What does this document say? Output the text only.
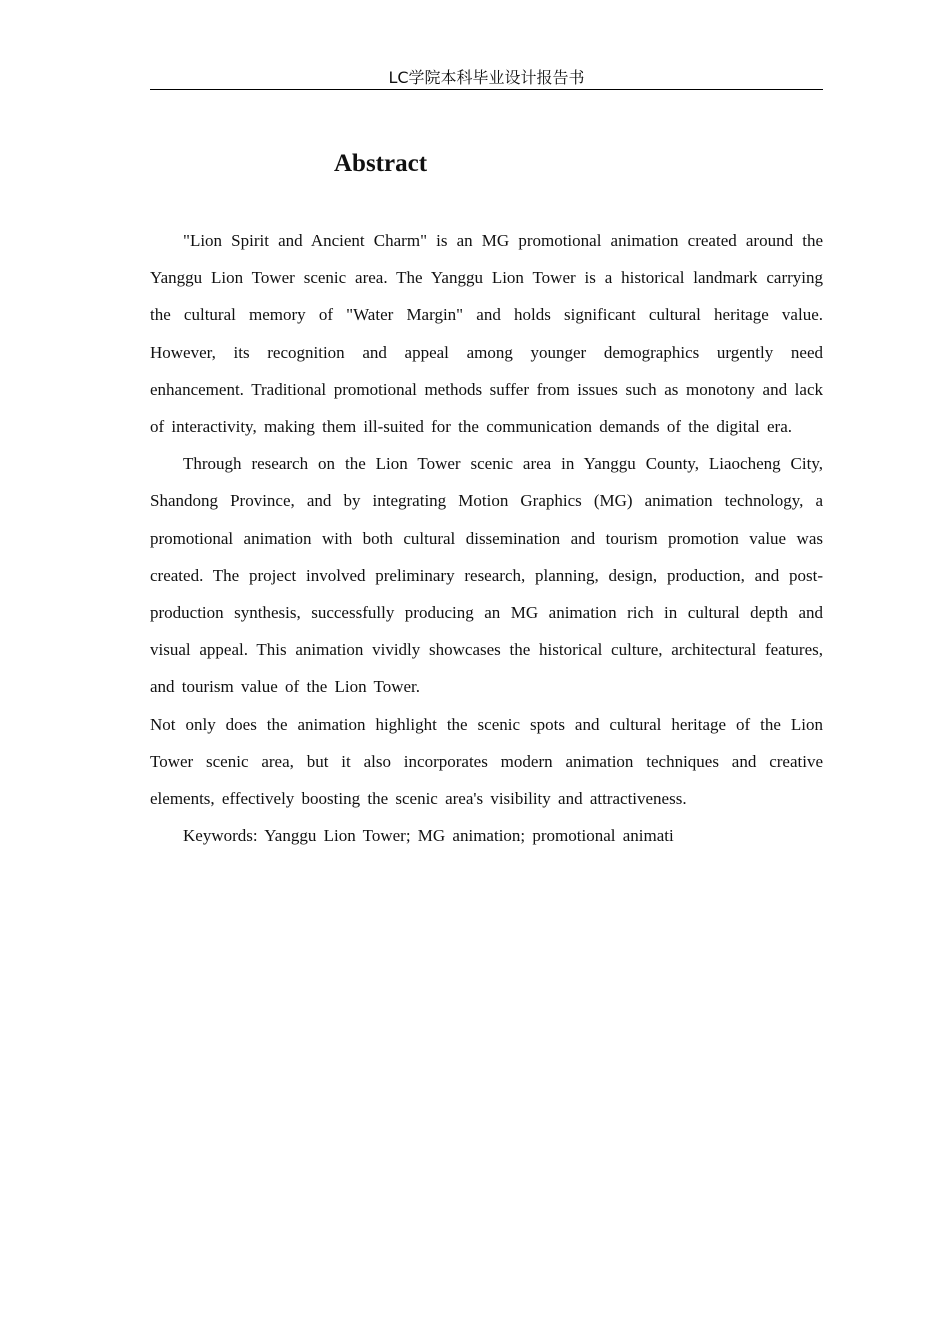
LC学院本科毕业设计报告书
Abstract

"Lion Spirit and Ancient Charm" is an MG promotional animation created around the Yanggu Lion Tower scenic area. The Yanggu Lion Tower is a historical landmark carrying the cultural memory of "Water Margin" and holds significant cultural heritage value. However, its recognition and appeal among younger demographics urgently need enhancement. Traditional promotional methods suffer from issues such as monotony and lack of interactivity, making them ill-suited for the communication demands of the digital era.

Through research on the Lion Tower scenic area in Yanggu County, Liaocheng City, Shandong Province, and by integrating Motion Graphics (MG) animation technology, a promotional animation with both cultural dissemination and tourism promotion value was created. The project involved preliminary research, planning, design, production, and post-production synthesis, successfully producing an MG animation rich in cultural depth and visual appeal. This animation vividly showcases the historical culture, architectural features, and tourism value of the Lion Tower.

Not only does the animation highlight the scenic spots and cultural heritage of the Lion Tower scenic area, but it also incorporates modern animation techniques and creative elements, effectively boosting the scenic area's visibility and attractiveness.

Keywords: Yanggu Lion Tower; MG animation; promotional animati
